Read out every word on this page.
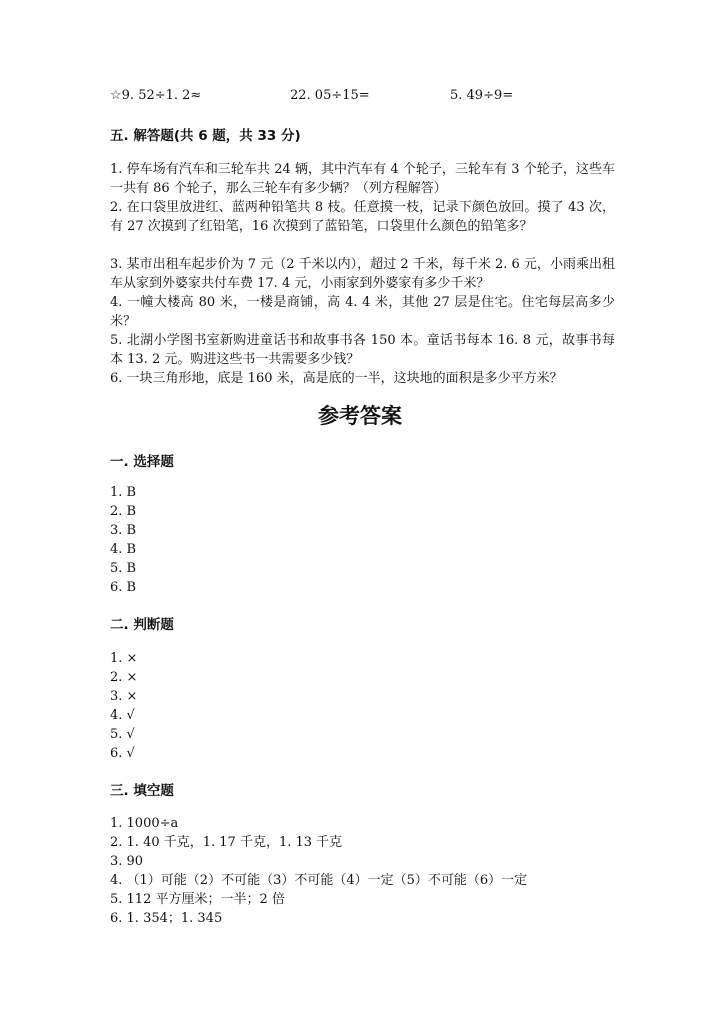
☆9. 52÷1. 2≈	22. 05÷15=	5. 49÷9=
五. 解答题(共 6 题，共 33 分)
1. 停车场有汽车和三轮车共 24 辆，其中汽车有 4 个轮子，三轮车有 3 个轮子，这些车一共有 86 个轮子，那么三轮车有多少辆？（列方程解答）
2. 在口袋里放进红、蓝两种铅笔共 8 枝。任意摸一枝，记录下颜色放回。摸了 43 次，有 27 次摸到了红铅笔，16 次摸到了蓝铅笔，口袋里什么颜色的铅笔多？
3. 某市出租车起步价为 7 元（2 千米以内），超过 2 千米，每千米 2. 6 元，小雨乘出租车从家到外婆家共付车费 17. 4 元，小雨家到外婆家有多少千米？
4. 一幢大楼高 80 米，一楼是商铺，高 4. 4 米，其他 27 层是住宅。住宅每层高多少米？
5. 北湖小学图书室新购进童话书和故事书各 150 本。童话书每本 16. 8 元，故事书每本 13. 2 元。购进这些书一共需要多少钱？
6. 一块三角形地，底是 160 米，高是底的一半，这块地的面积是多少平方米？
参考答案
一. 选择题
1. B
2. B
3. B
4. B
5. B
6. B
二. 判断题
1. ×
2. ×
3. ×
4. √
5. √
6. √
三. 填空题
1. 1000÷a
2. 1. 40 千克，1. 17 千克，1. 13 千克
3. 90
4. （1）可能（2）不可能（3）不可能（4）一定（5）不可能（6）一定
5. 112 平方厘米；一半；2 倍
6. 1. 354；1. 345
